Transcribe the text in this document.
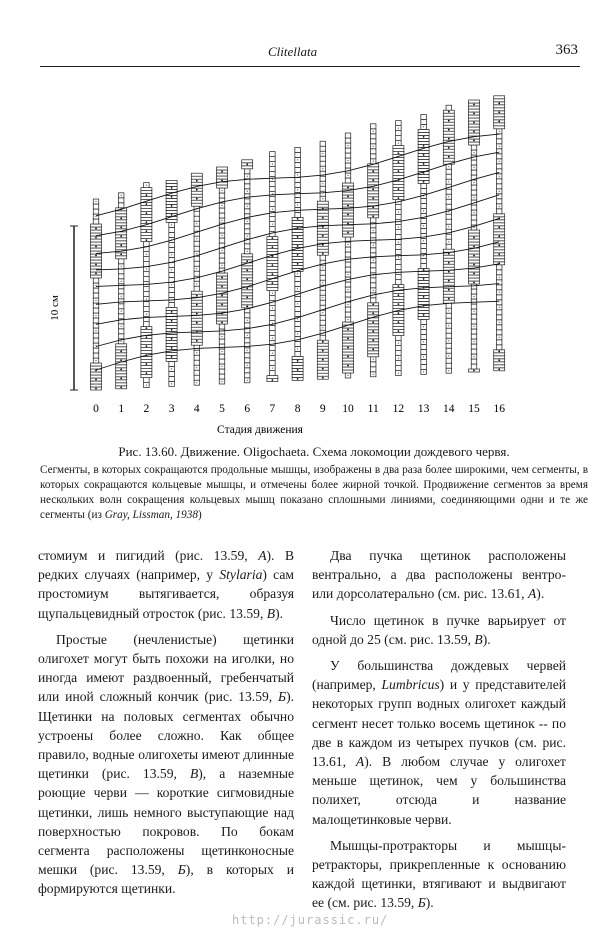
Clitellata	363
10 см
0 1 2 3 4 5 6 7 8 9 10 11 12 13 14 15 16
Стадия движения
Рис. 13.60. Движение. Oligochaeta. Схема локомоции дождевого червя.
Сегменты, в которых сокращаются продольные мышцы, изображены в два раза более широкими, чем сегменты, в которых сокращаются кольцевые мышцы, и отмечены более жирной точкой. Продвижение сегментов за время нескольких волн сокращения кольцевых мышц показано сплошными линиями, соединяющими одни и те же сегменты (из Gray, Lissman, 1938)

стомиум и пигидий (рис. 13.59, А). В редких случаях (например, у Stylaria) сам простомиум вытягивается, образуя щупальцевидный отросток (рис. 13.59, В).

Простые (нечленистые) щетинки олигохет могут быть похожи на иголки, но иногда имеют раздвоенный, гребенчатый или иной сложный кончик (рис. 13.59, Б). Щетинки на половых сегментах обычно устроены более сложно. Как общее правило, водные олигохеты имеют длинные щетинки (рис. 13.59, В), а наземные роющие черви — короткие сигмовидные щетинки, лишь немного выступающие над поверхностью покровов. По бокам сегмента расположены щетинконосные мешки (рис. 13.59, Б), в которых и формируются щетинки.

Два пучка щетинок расположены вентрально, а два расположены вентро- или дорсолатерально (см. рис. 13.61, А).

Число щетинок в пучке варьирует от одной до 25 (см. рис. 13.59, В).

У большинства дождевых червей (например, Lumbricus) и у представителей некоторых групп водных олигохет каждый сегмент несет только восемь щетинок -- по две в каждом из четырех пучков (см. рис. 13.61, А). В любом случае у олигохет меньше щетинок, чем у большинства полихет, отсюда и название малощетинковые черви.

Мышцы-протракторы и мышцы-ретракторы, прикрепленные к основанию каждой щетинки, втягивают и выдвигают ее (см. рис. 13.59, Б).

http://jurassic.ru/
